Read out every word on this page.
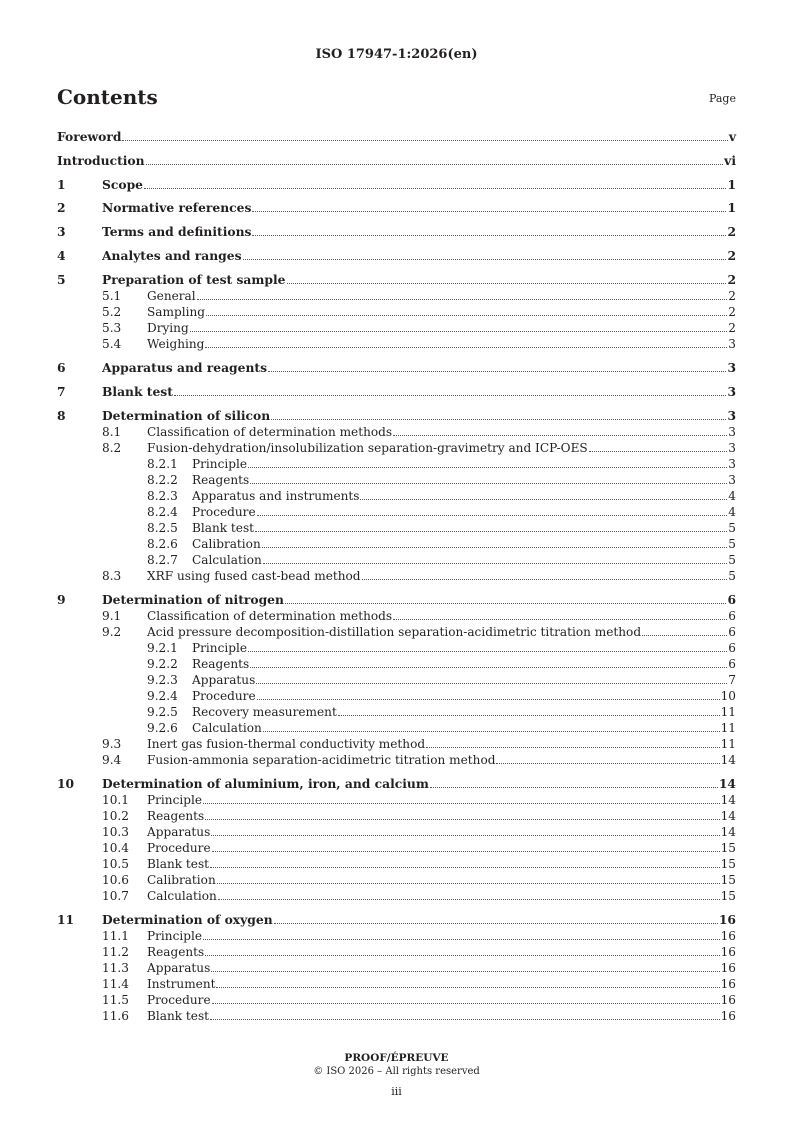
ISO 17947-1:2026(en)
Contents	Page
Foreword	v
Introduction	vi
1	Scope	1
2	Normative references	1
3	Terms and definitions	2
4	Analytes and ranges	2
5	Preparation of test sample	2
5.1 General	2
5.2 Sampling	2
5.3 Drying	2
5.4 Weighing	3
6	Apparatus and reagents	3
7	Blank test	3
8	Determination of silicon	3
8.1 Classification of determination methods	3
8.2 Fusion-dehydration/insolubilization separation-gravimetry and ICP-OES	3
8.2.1 Principle	3
8.2.2 Reagents	3
8.2.3 Apparatus and instruments	4
8.2.4 Procedure	4
8.2.5 Blank test	5
8.2.6 Calibration	5
8.2.7 Calculation	5
8.3 XRF using fused cast-bead method	5
9	Determination of nitrogen	6
9.1 Classification of determination methods	6
9.2 Acid pressure decomposition-distillation separation-acidimetric titration method	6
9.2.1 Principle	6
9.2.2 Reagents	6
9.2.3 Apparatus	7
9.2.4 Procedure	10
9.2.5 Recovery measurement	11
9.2.6 Calculation	11
9.3 Inert gas fusion-thermal conductivity method	11
9.4 Fusion-ammonia separation-acidimetric titration method	14
10 Determination of aluminium, iron, and calcium	14
10.1 Principle	14
10.2 Reagents	14
10.3 Apparatus	14
10.4 Procedure	15
10.5 Blank test	15
10.6 Calibration	15
10.7 Calculation	15
11 Determination of oxygen	16
11.1 Principle	16
11.2 Reagents	16
11.3 Apparatus	16
11.4 Instrument	16
11.5 Procedure	16
11.6 Blank test	16
PROOF/ÉPREUVE
© ISO 2026 – All rights reserved
iii
